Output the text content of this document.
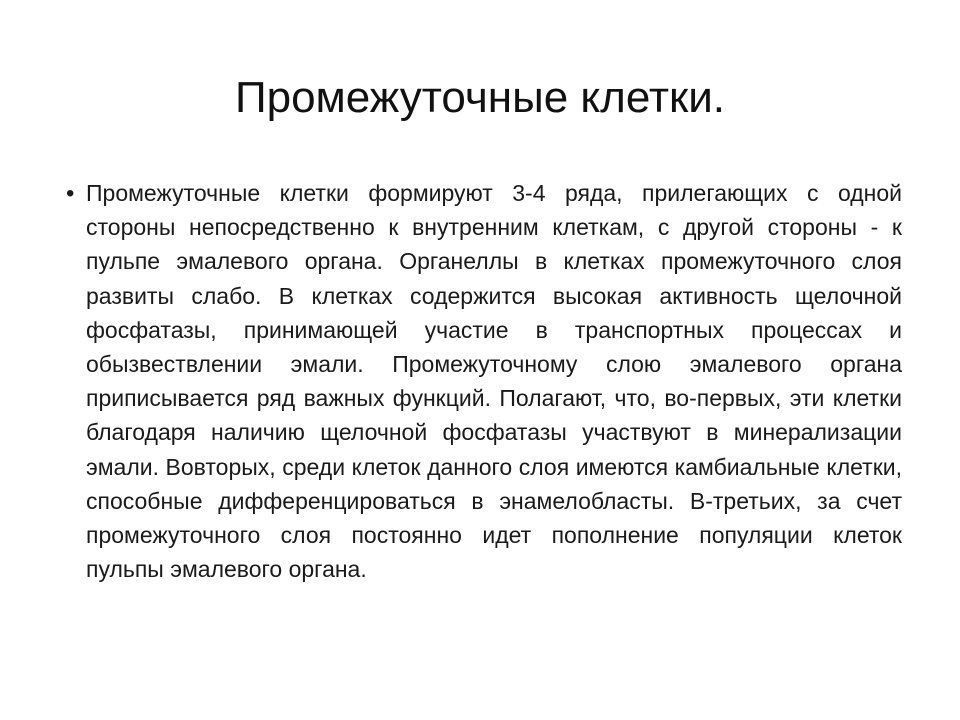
Промежуточные клетки.
• Промежуточные клетки формируют 3-4 ряда, прилегающих с одной стороны непосредственно к внутренним клеткам, с другой стороны - к пульпе эмалевого органа. Органеллы в клетках промежуточного слоя развиты слабо. В клетках содержится высокая активность щелочной фосфатазы, принимающей участие в транспортных процессах и обызвествлении эмали. Промежуточному слою эмалевого органа приписывается ряд важных функций. Полагают, что, во-первых, эти клетки благодаря наличию щелочной фосфатазы участвуют в минерализации эмали. Вовторых, среди клеток данного слоя имеются камбиальные клетки, способные дифференцироваться в энамелобласты. В-третьих, за счет промежуточного слоя постоянно идет пополнение популяции клеток пульпы эмалевого органа.
